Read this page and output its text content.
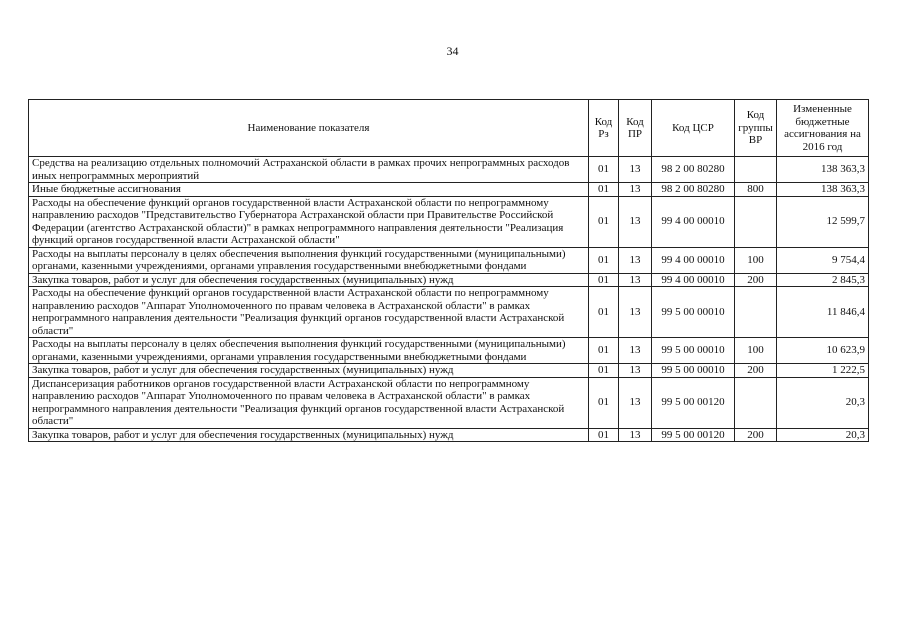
34
Наименование показателя	Код Рз	Код ПР	Код ЦСР	Код группы ВР	Измененные бюджетные ассигнования на 2016 год
Средства на реализацию отдельных полномочий Астраханской области в рамках прочих непрограммных расходов иных непрограммных мероприятий	01	13	98 2 00 80280		138 363,3
Иные бюджетные ассигнования	01	13	98 2 00 80280	800	138 363,3
Расходы на обеспечение функций органов государственной власти Астраханской области по непрограммному направлению расходов "Представительство Губернатора Астраханской области при Правительстве Российской Федерации (агентство Астраханской области)" в рамках непрограммного направления деятельности "Реализация функций органов государственной власти Астраханской области"	01	13	99 4 00 00010		12 599,7
Расходы на выплаты персоналу в целях обеспечения выполнения функций государственными (муниципальными) органами, казенными учреждениями, органами управления государственными внебюджетными фондами	01	13	99 4 00 00010	100	9 754,4
Закупка товаров, работ и услуг для обеспечения государственных (муниципальных) нужд	01	13	99 4 00 00010	200	2 845,3
Расходы на обеспечение функций органов государственной власти Астраханской области по непрограммному направлению расходов "Аппарат Уполномоченного по правам человека в Астраханской области" в рамках непрограммного направления деятельности "Реализация функций органов государственной власти Астраханской области"	01	13	99 5 00 00010		11 846,4
Расходы на выплаты персоналу в целях обеспечения выполнения функций государственными (муниципальными) органами, казенными учреждениями, органами управления государственными внебюджетными фондами	01	13	99 5 00 00010	100	10 623,9
Закупка товаров, работ и услуг для обеспечения государственных (муниципальных) нужд	01	13	99 5 00 00010	200	1 222,5
Диспансеризация работников органов государственной власти Астраханской области по непрограммному направлению расходов "Аппарат Уполномоченного по правам человека в Астраханской области" в рамках непрограммного направления деятельности "Реализация функций органов государственной власти Астраханской области"	01	13	99 5 00 00120		20,3
Закупка товаров, работ и услуг для обеспечения государственных (муниципальных) нужд	01	13	99 5 00 00120	200	20,3
